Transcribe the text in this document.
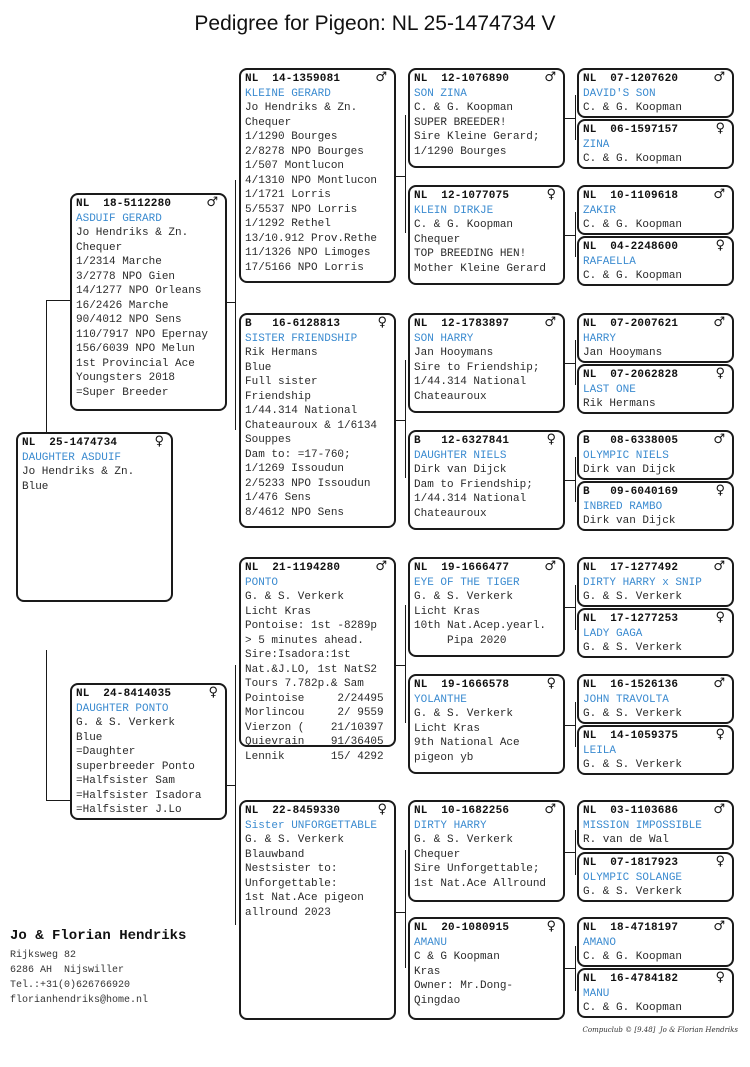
Pedigree for Pigeon: NL 25-1474734 V
NL  25-1474734	♀
DAUGHTER ASDUIF
Jo Hendriks & Zn.
Blue
NL  18-5112280	♂
ASDUIF GERARD
Jo Hendriks & Zn.
Chequer
1/2314 Marche
3/2778 NPO Gien
14/1277 NPO Orleans
16/2426 Marche
90/4012 NPO Sens
110/7917 NPO Epernay
156/6039 NPO Melun
1st Provincial Ace
Youngsters 2018
=Super Breeder
NL  24-8414035	♀
DAUGHTER PONTO
G. & S. Verkerk
Blue
=Daughter
superbreeder Ponto
=Halfsister Sam
=Halfsister Isadora
=Halfsister J.Lo
NL  14-1359081	♂
KLEINE GERARD
Jo Hendriks & Zn.
Chequer
1/1290 Bourges
2/8278 NPO Bourges
1/507 Montlucon
4/1310 NPO Montlucon
1/1721 Lorris
5/5537 NPO Lorris
1/1292 Rethel
13/10.912 Prov.Rethe
11/1326 NPO Limoges
17/5166 NPO Lorris
B   16-6128813	♀
SISTER FRIENDSHIP
Rik Hermans
Blue
Full sister
Friendship
1/44.314 National
Chateauroux & 1/6134
Souppes
Dam to: =17-760;
1/1269 Issoudun
2/5233 NPO Issoudun
1/476 Sens
8/4612 NPO Sens
NL  21-1194280	♂
PONTO
G. & S. Verkerk
Licht Kras
Pontoise: 1st -8289p
> 5 minutes ahead.
Sire:Isadora:1st
Nat.&J.LO, 1st NatS2
Tours 7.782p.& Sam
Pointoise     2/24495
Morlincou     2/ 9559
Vierzon (    21/10397
Quievrain    91/36405
Lennik       15/ 4292
NL  22-8459330	♀
Sister UNFORGETTABLE
G. & S. Verkerk
Blauwband
Nestsister to:
Unforgettable:
1st Nat.Ace pigeon
allround 2023
NL  12-1076890	♂
SON ZINA
C. & G. Koopman
SUPER BREEDER!
Sire Kleine Gerard;
1/1290 Bourges
NL  12-1077075	♀
KLEIN DIRKJE
C. & G. Koopman
Chequer
TOP BREEDING HEN!
Mother Kleine Gerard
NL  12-1783897	♂
SON HARRY
Jan Hooymans
Sire to Friendship;
1/44.314 National
Chateauroux
B   12-6327841	♀
DAUGHTER NIELS
Dirk van Dijck
Dam to Friendship;
1/44.314 National
Chateauroux
NL  19-1666477	♂
EYE OF THE TIGER
G. & S. Verkerk
Licht Kras
10th Nat.Acep.yearl.
Pipa 2020
NL  19-1666578	♀
YOLANTHE
G. & S. Verkerk
Licht Kras
9th National Ace
pigeon yb
NL  10-1682256	♂
DIRTY HARRY
G. & S. Verkerk
Chequer
Sire Unforgettable;
1st Nat.Ace Allround
NL  20-1080915	♀
AMANU
C & G Koopman
Kras
Owner: Mr.Dong-
Qingdao
NL  07-1207620	♂
DAVID'S SON
C. & G. Koopman
NL  06-1597157	♀
ZINA
C. & G. Koopman
NL  10-1109618	♂
ZAKIR
C. & G. Koopman
NL  04-2248600	♀
RAFAELLA
C. & G. Koopman
NL  07-2007621	♂
HARRY
Jan Hooymans
NL  07-2062828	♀
LAST ONE
Rik Hermans
B   08-6338005	♂
OLYMPIC NIELS
Dirk van Dijck
B   09-6040169	♀
INBRED RAMBO
Dirk van Dijck
NL  17-1277492	♂
DIRTY HARRY x SNIP
G. & S. Verkerk
NL  17-1277253	♀
LADY GAGA
G. & S. Verkerk
NL  16-1526136	♂
JOHN TRAVOLTA
G. & S. Verkerk
NL  14-1059375	♀
LEILA
G. & S. Verkerk
NL  03-1103686	♂
MISSION IMPOSSIBLE
R. van de Wal
NL  07-1817923	♀
OLYMPIC SOLANGE
G. & S. Verkerk
NL  18-4718197	♂
AMANO
C. & G. Koopman
NL  16-4784182	♀
MANU
C. & G. Koopman
Jo & Florian Hendriks
Rijksweg 82
6286 AH  Nijswiller
Tel.:+31(0)626766920
florianhendriks@home.nl
Compuclub © [9.48]  Jo & Florian Hendriks
